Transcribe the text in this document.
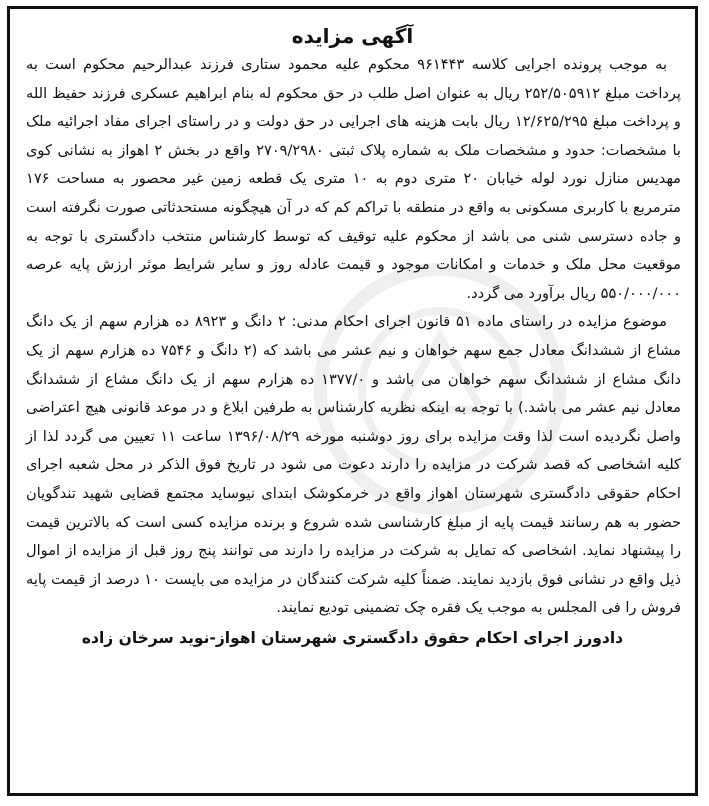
آگهی مزایده

به موجب پرونده اجرایی کلاسه ۹۶۱۴۴۳ محکوم علیه محمود ستاری فرزند عبدالرحیم محکوم است به پرداخت مبلغ ۲۵۲/۵۰۵۹۱۲ ریال به عنوان اصل طلب در حق محکوم له بنام ابراهیم عسکری فرزند حفیظ الله و پرداخت مبلغ ۱۲/۶۲۵/۲۹۵ ریال بابت هزینه های اجرایی در حق دولت و در راستای اجرای مفاد اجرائیه ملک با مشخصات: حدود و مشخصات ملک به شماره پلاک ثبتی ۲۷۰۹/۲۹۸۰ واقع در بخش ۲ اهواز به نشانی کوی مهدیس منازل نورد لوله خیابان ۲۰ متری دوم به ۱۰ متری یک قطعه زمین غیر محصور به مساحت ۱۷۶ مترمربع با کاربری مسکونی به واقع در منطقه با تراکم کم که در آن هیچگونه مستحدثاتی صورت نگرفته است و جاده دسترسی شنی می باشد از محکوم علیه توقیف که توسط کارشناس منتخب دادگستری با توجه به موقعیت محل ملک و خدمات و امکانات موجود و قیمت عادله روز و سایر شرایط موثر ارزش پایه عرصه ۵۵۰/۰۰۰/۰۰۰ ریال برآورد می گردد.

موضوع مزایده در راستای ماده ۵۱ قانون اجرای احکام مدنی: ۲ دانگ و ۸۹۲۳ ده هزارم سهم از یک دانگ مشاع از ششدانگ معادل جمع سهم خواهان و نیم عشر می باشد که (۲ دانگ و ۷۵۴۶ ده هزارم سهم از یک دانگ مشاع از ششدانگ سهم خواهان می باشد و ۱۳۷۷/۰ ده هزارم سهم از یک دانگ مشاع از ششدانگ معادل نیم عشر می باشد.) با توجه به اینکه نظریه کارشناس به طرفین ابلاغ و در موعد قانونی هیچ اعتراضی واصل نگردیده است لذا وقت مزایده برای روز دوشنبه مورخه ۱۳۹۶/۰۸/۲۹ ساعت ۱۱ تعیین می گردد لذا از کلیه اشخاصی که قصد شرکت در مزایده را دارند دعوت می شود در تاریخ فوق الذکر در محل شعبه اجرای احکام حقوقی دادگستری شهرستان اهواز واقع در خرمکوشک ابتدای نیوساید مجتمع قضایی شهید تندگویان حضور به هم رسانند قیمت پایه از مبلغ کارشناسی شده شروع و برنده مزایده کسی است که بالاترین قیمت را پیشنهاد نماید. اشخاصی که تمایل به شرکت در مزایده را دارند می توانند پنج روز قبل از مزایده از اموال ذیل واقع در نشانی فوق بازدید نمایند. ضمناً کلیه شرکت کنندگان در مزایده می بایست ۱۰ درصد از قیمت پایه فروش را فی المجلس به موجب یک فقره چک تضمینی تودیع نمایند.

دادورز اجرای احکام حقوق دادگستری شهرستان اهواز-نوید سرخان زاده
